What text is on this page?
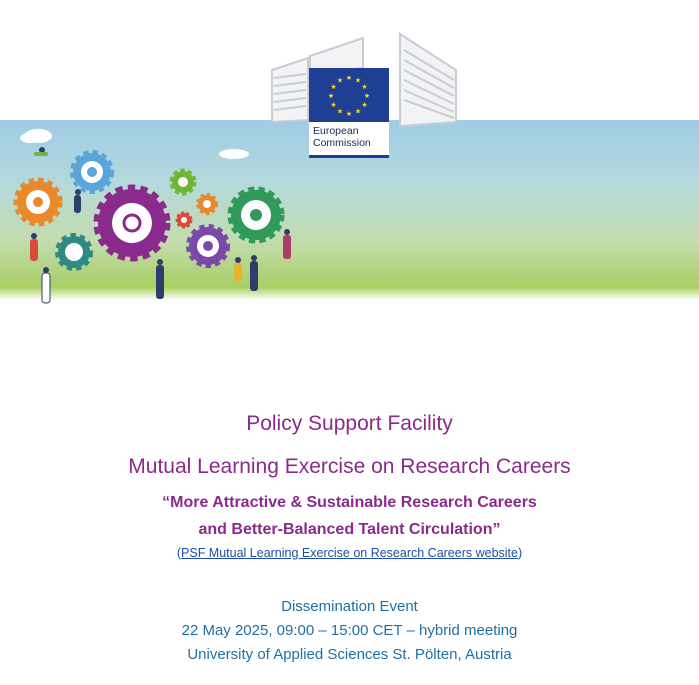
★ ★
★
★
★
★
★
★
★
★
★
★
European
Commission
Policy Support Facility
Mutual Learning Exercise on Research Careers
“More Attractive & Sustainable Research Careers
and Better-Balanced Talent Circulation”
(PSF Mutual Learning Exercise on Research Careers website)
Dissemination Event
22 May 2025, 09:00 – 15:00 CET – hybrid meeting
University of Applied Sciences St. Pölten, Austria
